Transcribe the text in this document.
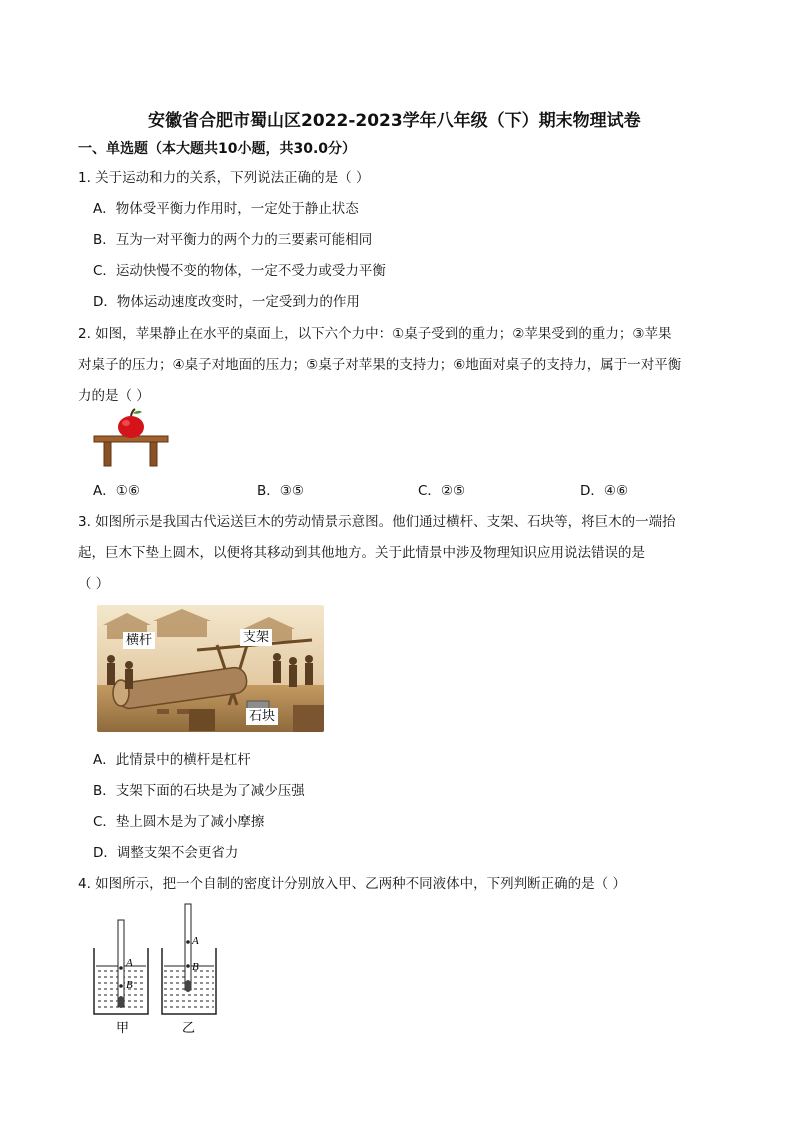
安徽省合肥市蜀山区2022-2023学年八年级（下）期末物理试卷
一、单选题（本大题共10小题，共30.0分）
1. 关于运动和力的关系，下列说法正确的是（ ）
A．物体受平衡力作用时，一定处于静止状态
B．互为一对平衡力的两个力的三要素可能相同
C．运动快慢不变的物体，一定不受力或受力平衡
D．物体运动速度改变时，一定受到力的作用
2. 如图，苹果静止在水平的桌面上，以下六个力中：①桌子受到的重力；②苹果受到的重力；③苹果
对桌子的压力；④桌子对地面的压力；⑤桌子对苹果的支持力；⑥地面对桌子的支持力，属于一对平衡
力的是（ ）
A．①⑥	B．③⑤	C．②⑤	D．④⑥
3. 如图所示是我国古代运送巨木的劳动情景示意图。他们通过横杆、支架、石块等，将巨木的一端抬
起，巨木下垫上圆木，以便将其移动到其他地方。关于此情景中涉及物理知识应用说法错误的是
（ ）
横杆	支架
石块
A．此情景中的横杆是杠杆
B．支架下面的石块是为了减少压强
C．垫上圆木是为了减小摩擦
D．调整支架不会更省力
4. 如图所示，把一个自制的密度计分别放入甲、乙两种不同液体中，下列判断正确的是（ ）
A
B
甲
A
B
乙
